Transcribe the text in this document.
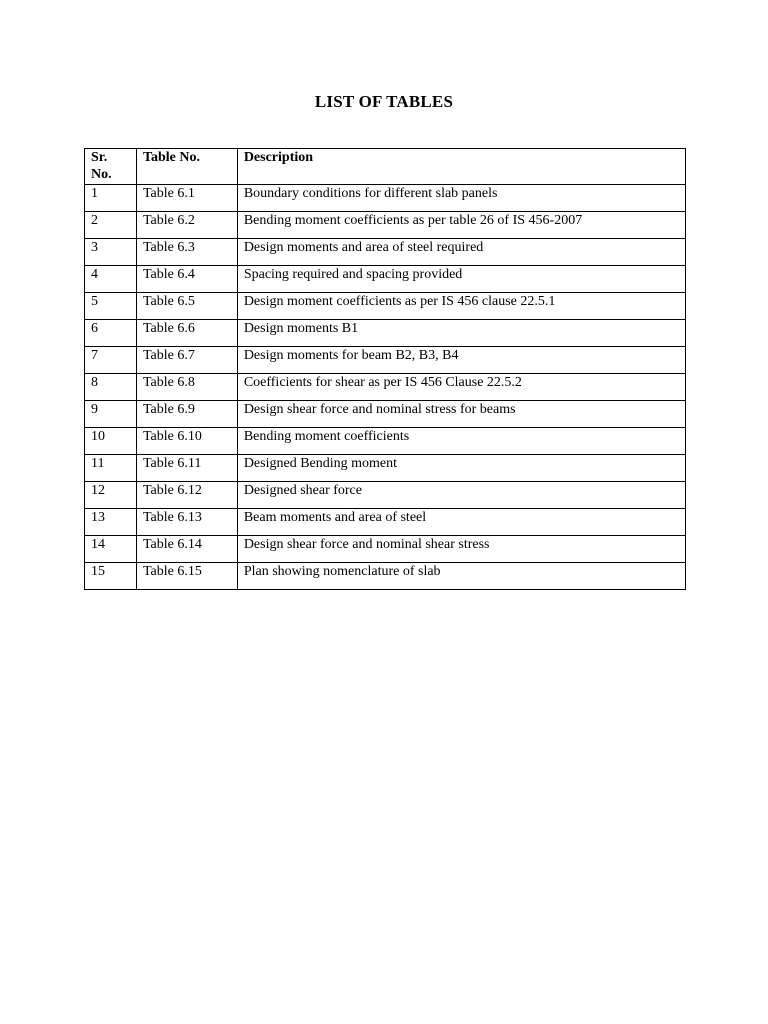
LIST OF TABLES
Sr. No.	Table No.	Description
1	Table 6.1	Boundary conditions for different slab panels
2	Table 6.2	Bending moment coefficients as per table 26 of IS 456-2007
3	Table 6.3	Design moments and area of steel required
4	Table 6.4	Spacing required and spacing provided
5	Table 6.5	Design moment coefficients as per IS 456 clause 22.5.1
6	Table 6.6	Design moments B1
7	Table 6.7	Design moments for beam B2, B3, B4
8	Table 6.8	Coefficients for shear as per IS 456 Clause 22.5.2
9	Table 6.9	Design shear force and nominal stress for beams
10	Table 6.10	Bending moment coefficients
11	Table 6.11	Designed Bending moment
12	Table 6.12	Designed shear force
13	Table 6.13	Beam moments and area of steel
14	Table 6.14	Design shear force and nominal shear stress
15	Table 6.15	Plan showing nomenclature of slab
